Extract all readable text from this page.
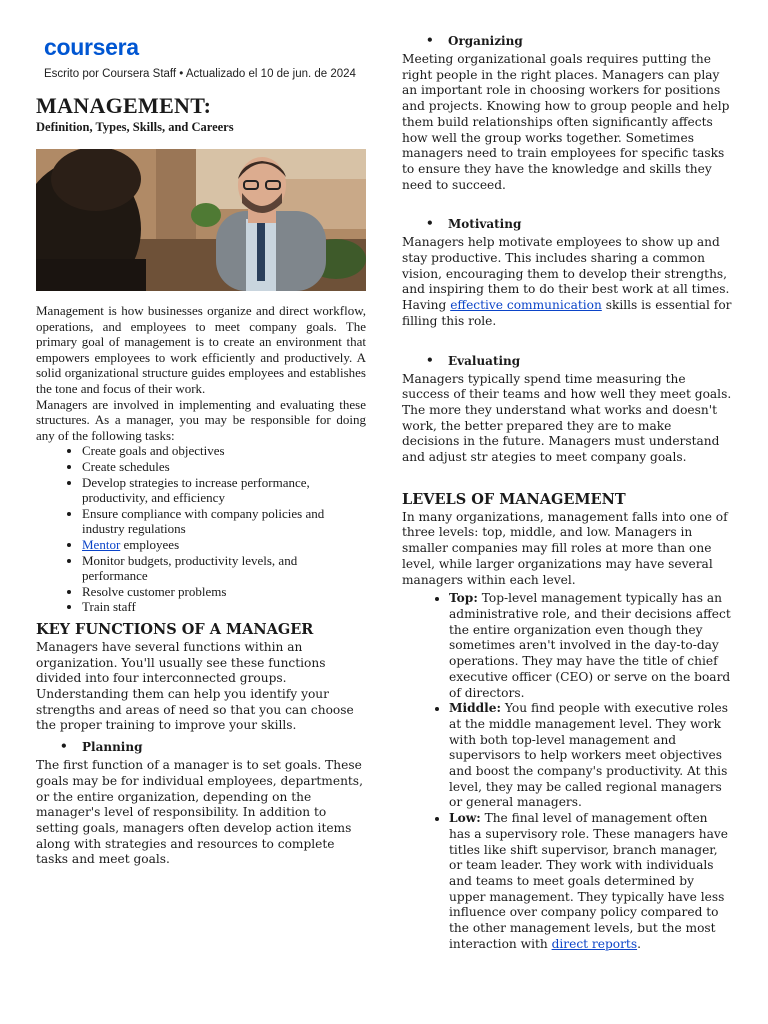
coursera
Escrito por Coursera Staff • Actualizado el 10 de jun. de 2024
MANAGEMENT:
Definition, Types, Skills, and Careers

Management is how businesses organize and direct workflow, operations, and employees to meet company goals. The primary goal of management is to create an environment that empowers employees to work efficiently and productively. A solid organizational structure guides employees and establishes the tone and focus of their work.

Managers are involved in implementing and evaluating these structures. As a manager, you may be responsible for doing any of the following tasks:

• Create goals and objectives
• Create schedules
• Develop strategies to increase performance, productivity, and efficiency
• Ensure compliance with company policies and industry regulations
• Mentor employees
• Monitor budgets, productivity levels, and performance
• Resolve customer problems
• Train staff
KEY FUNCTIONS OF A MANAGER

Managers have several functions within an organization. You'll usually see these functions divided into four interconnected groups. Understanding them can help you identify your strengths and areas of need so that you can choose the proper training to improve your skills.

• Planning

The first function of a manager is to set goals. These goals may be for individual employees, departments, or the entire organization, depending on the manager's level of responsibility. In addition to setting goals, managers often develop action items along with strategies and resources to complete tasks and meet goals.

• Organizing

Meeting organizational goals requires putting the right people in the right places. Managers can play an important role in choosing workers for positions and projects. Knowing how to group people and help them build relationships often significantly affects how well the group works together. Sometimes managers need to train employees for specific tasks to ensure they have the knowledge and skills they need to succeed.

• Motivating

Managers help motivate employees to show up and stay productive. This includes sharing a common vision, encouraging them to develop their strengths, and inspiring them to do their best work at all times. Having effective communication skills is essential for filling this role.

• Evaluating

Managers typically spend time measuring the success of their teams and how well they meet goals. The more they understand what works and doesn't work, the better prepared they are to make decisions in the future. Managers must understand and adjust str ategies to meet company goals.

LEVELS OF MANAGEMENT

In many organizations, management falls into one of three levels: top, middle, and low. Managers in smaller companies may fill roles at more than one level, while larger organizations may have several managers within each level.

• Top: Top-level management typically has an administrative role, and their decisions affect the entire organization even though they sometimes aren't involved in the day-to-day operations. They may have the title of chief executive officer (CEO) or serve on the board of directors.
• Middle: You find people with executive roles at the middle management level. They work with both top-level management and supervisors to help workers meet objectives and boost the company's productivity. At this level, they may be called regional managers or general managers.
• Low: The final level of management often has a supervisory role. These managers have titles like shift supervisor, branch manager, or team leader. They work with individuals and teams to meet goals determined by upper management. They typically have less influence over company policy compared to the other management levels, but the most interaction with direct reports.
